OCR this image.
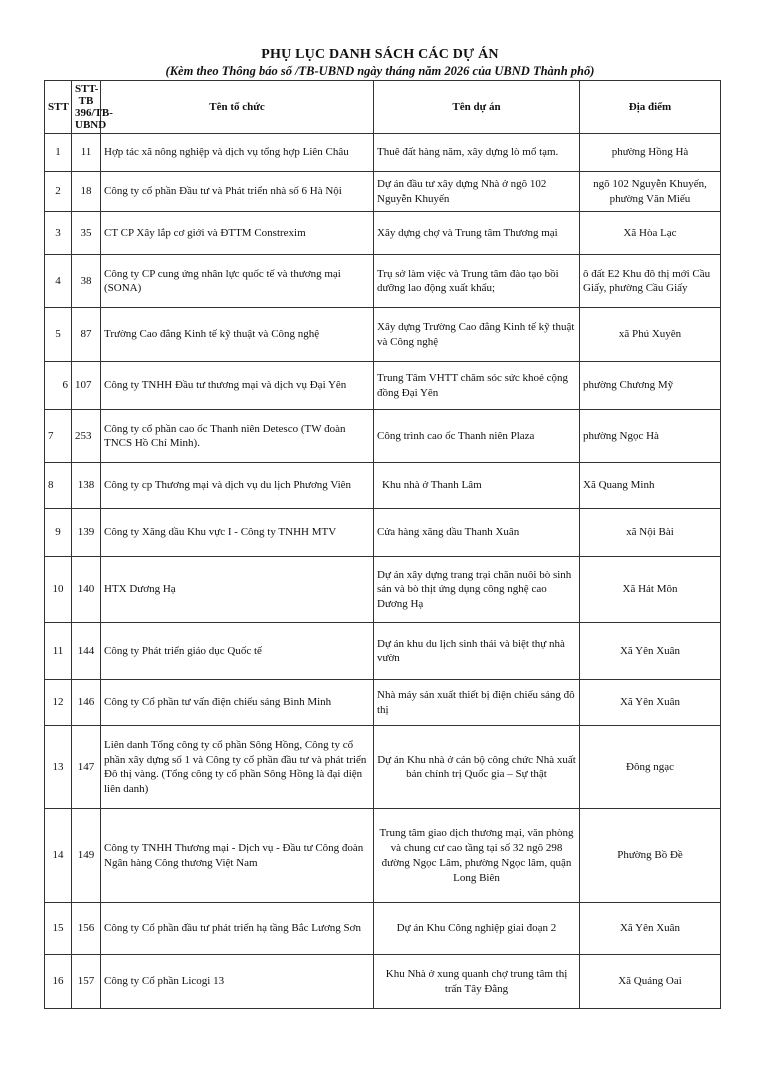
PHỤ LỤC DANH SÁCH CÁC DỰ ÁN
(Kèm theo Thông báo số /TB-UBND ngày tháng năm 2026 của UBND Thành phố)
STT	STT-TB 396/TB-UBND	Tên tổ chức	Tên dự án	Địa điểm
1	11	Hợp tác xã nông nghiệp và dịch vụ tổng hợp Liên Châu	Thuê đất hàng năm, xây dựng lò mổ tạm.	phường Hồng Hà
2	18	Công ty cổ phần Đầu tư và Phát triển nhà số 6 Hà Nội	Dự án đầu tư xây dựng Nhà ở ngõ 102 Nguyễn Khuyến	ngõ 102 Nguyễn Khuyến, phường Văn Miếu
3	35	CT CP Xây lắp cơ giới và ĐTTM Constrexim	Xây dựng chợ và Trung tâm Thương mại	Xã Hòa Lạc
4	38	Công ty CP cung ứng nhân lực quốc tế và thương mại (SONA)	Trụ sở làm việc và Trung tâm đào tạo bồi dưỡng lao động xuất khẩu;	ô đất E2 Khu đô thị mới Cầu Giấy, phường Cầu Giấy
5	87	Trường Cao đẳng Kinh tế kỹ thuật và Công nghệ	Xây dựng Trường Cao đẳng Kinh tế kỹ thuật và Công nghệ	xã Phú Xuyên
6	107	Công ty TNHH Đầu tư thương mại và dịch vụ Đại Yên	Trung Tâm VHTT chăm sóc sức khoẻ cộng đồng Đại Yên	phường Chương Mỹ
7	253	Công ty cổ phần cao ốc Thanh niên Detesco (TW đoàn TNCS Hồ Chí Minh).	Công trình cao ốc Thanh niên Plaza	phường Ngọc Hà
8	138	Công ty cp Thương mại và dịch vụ du lịch Phương Viên	Khu nhà ở Thanh Lâm	Xã Quang Minh
9	139	Công ty Xăng dầu Khu vực I - Công ty TNHH MTV	Cửa hàng xăng dầu Thanh Xuân	xã Nội Bài
10	140	HTX Dương Hạ	Dự án xây dựng trang trại chăn nuôi bò sinh sản và bò thịt ứng dụng công nghệ cao Dương Hạ	Xã Hát Môn
11	144	Công ty Phát triển giáo dục Quốc tế	Dự án khu du lịch sinh thái và biệt thự nhà vườn	Xã Yên Xuân
12	146	Công ty Cổ phần tư vấn điện chiếu sáng Bình Minh	Nhà máy sản xuất thiết bị điện chiếu sáng đô thị	Xã Yên Xuân
13	147	Liên danh Tổng công ty cổ phần Sông Hồng, Công ty cổ phần xây dựng số 1 và Công ty cổ phần đầu tư và phát triển Đô thị vàng. (Tổng công ty cổ phần Sông Hồng là đại diện liên danh)	Dự án Khu nhà ở cán bộ công chức Nhà xuất bản chính trị Quốc gia – Sự thật	Đông ngạc
14	149	Công ty TNHH Thương mại - Dịch vụ - Đầu tư Công đoàn Ngân hàng Công thương Việt Nam	Trung tâm giao dịch thương mại, văn phòng và chung cư cao tầng tại số 32 ngõ 298 đường Ngọc Lâm, phường Ngọc lâm, quận Long Biên	Phường Bồ Đề
15	156	Công ty Cổ phần đầu tư phát triển hạ tầng Bắc Lương Sơn	Dự án Khu Công nghiệp giai đoạn 2	Xã Yên Xuân
16	157	Công ty Cổ phần Licogi 13	Khu Nhà ở xung quanh chợ trung tâm thị trấn Tây Đằng	Xã Quảng Oai
